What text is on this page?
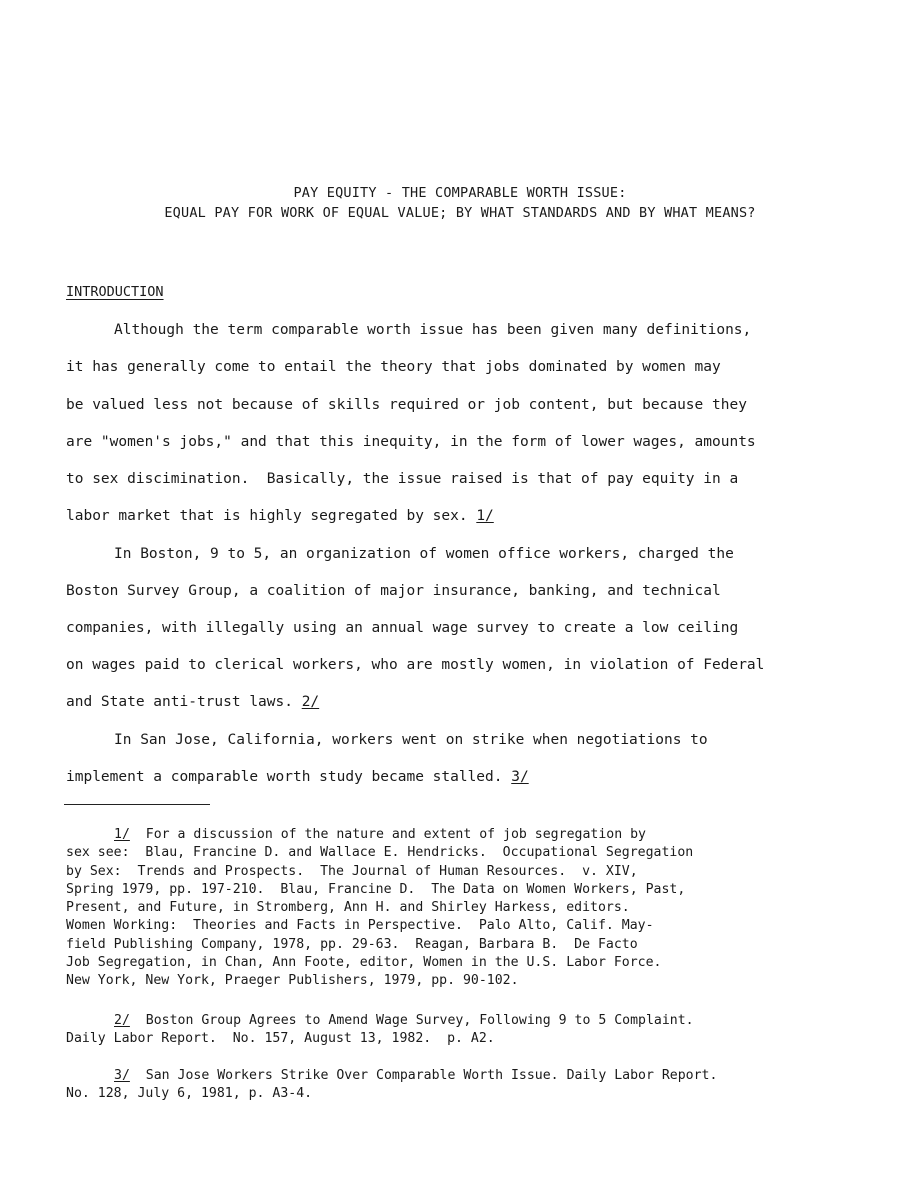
PAY EQUITY - THE COMPARABLE WORTH ISSUE:
EQUAL PAY FOR WORK OF EQUAL VALUE; BY WHAT STANDARDS AND BY WHAT MEANS?
INTRODUCTION
Although the term comparable worth issue has been given many definitions,
it has generally come to entail the theory that jobs dominated by women may
be valued less not because of skills required or job content, but because they
are "women's jobs," and that this inequity, in the form of lower wages, amounts
to sex discimination.  Basically, the issue raised is that of pay equity in a
labor market that is highly segregated by sex. 1/
In Boston, 9 to 5, an organization of women office workers, charged the
Boston Survey Group, a coalition of major insurance, banking, and technical
companies, with illegally using an annual wage survey to create a low ceiling
on wages paid to clerical workers, who are mostly women, in violation of Federal
and State anti-trust laws. 2/
In San Jose, California, workers went on strike when negotiations to
implement a comparable worth study became stalled. 3/
1/  For a discussion of the nature and extent of job segregation by
sex see:  Blau, Francine D. and Wallace E. Hendricks.  Occupational Segregation
by Sex:  Trends and Prospects.  The Journal of Human Resources.  v. XIV,
Spring 1979, pp. 197-210.  Blau, Francine D.  The Data on Women Workers, Past,
Present, and Future, in Stromberg, Ann H. and Shirley Harkess, editors.
Women Working:  Theories and Facts in Perspective.  Palo Alto, Calif. May-
field Publishing Company, 1978, pp. 29-63.  Reagan, Barbara B.  De Facto
Job Segregation, in Chan, Ann Foote, editor, Women in the U.S. Labor Force.
New York, New York, Praeger Publishers, 1979, pp. 90-102.
2/  Boston Group Agrees to Amend Wage Survey, Following 9 to 5 Complaint.
Daily Labor Report.  No. 157, August 13, 1982.  p. A2.
3/  San Jose Workers Strike Over Comparable Worth Issue. Daily Labor Report.
No. 128, July 6, 1981, p. A3-4.
